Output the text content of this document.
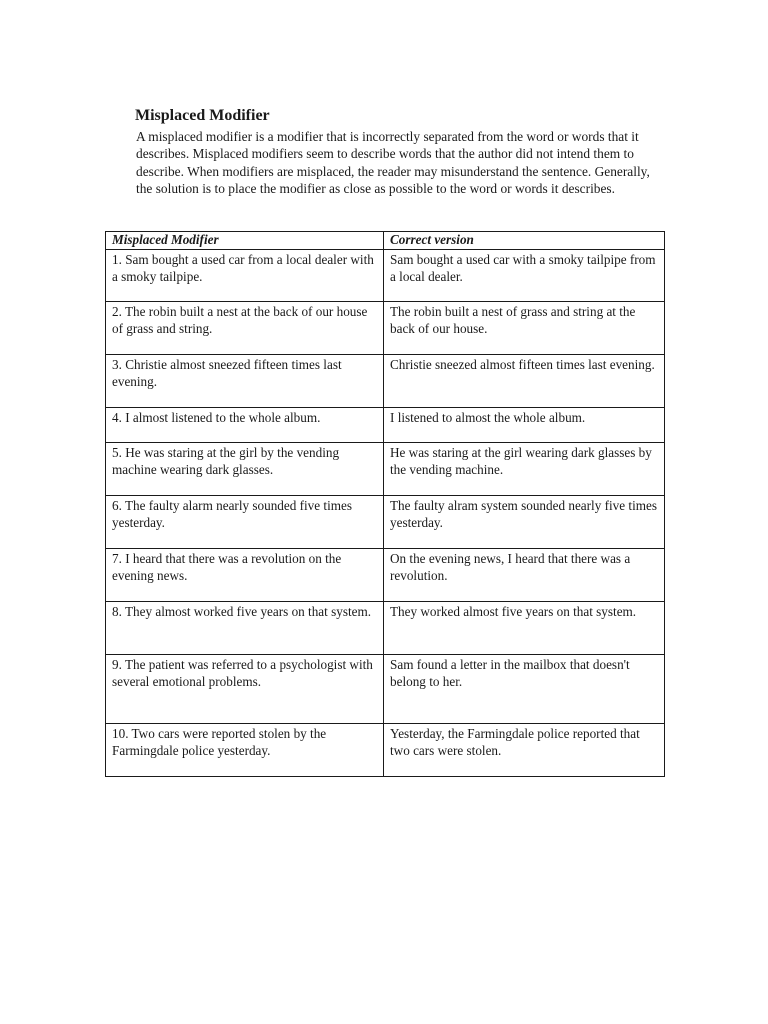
Misplaced Modifier

A misplaced modifier is a modifier that is incorrectly separated from the word or words that it describes. Misplaced modifiers seem to describe words that the author did not intend them to describe. When modifiers are misplaced, the reader may misunderstand the sentence. Generally, the solution is to place the modifier as close as possible to the word or words it describes.

Misplaced Modifier	Correct version
1. Sam bought a used car from a local dealer with a smoky tailpipe.	Sam bought a used car with a smoky tailpipe from a local dealer.
2. The robin built a nest at the back of our house of grass and string.	The robin built a nest of grass and string at the back of our house.
3. Christie almost sneezed fifteen times last evening.	Christie sneezed almost fifteen times last evening.
4. I almost listened to the whole album.	I listened to almost the whole album.
5. He was staring at the girl by the vending machine wearing dark glasses.	He was staring at the girl wearing dark glasses by the vending machine.
6. The faulty alarm nearly sounded five times yesterday.	The faulty alram system sounded nearly five times yesterday.
7. I heard that there was a revolution on the evening news.	On the evening news, I heard that there was a revolution.
8. They almost worked five years on that system.	They worked almost five years on that system.
9. The patient was referred to a psychologist with several emotional problems.	Sam found a letter in the mailbox that doesn't belong to her.
10. Two cars were reported stolen by the Farmingdale police yesterday.	Yesterday, the Farmingdale police reported that two cars were stolen.
